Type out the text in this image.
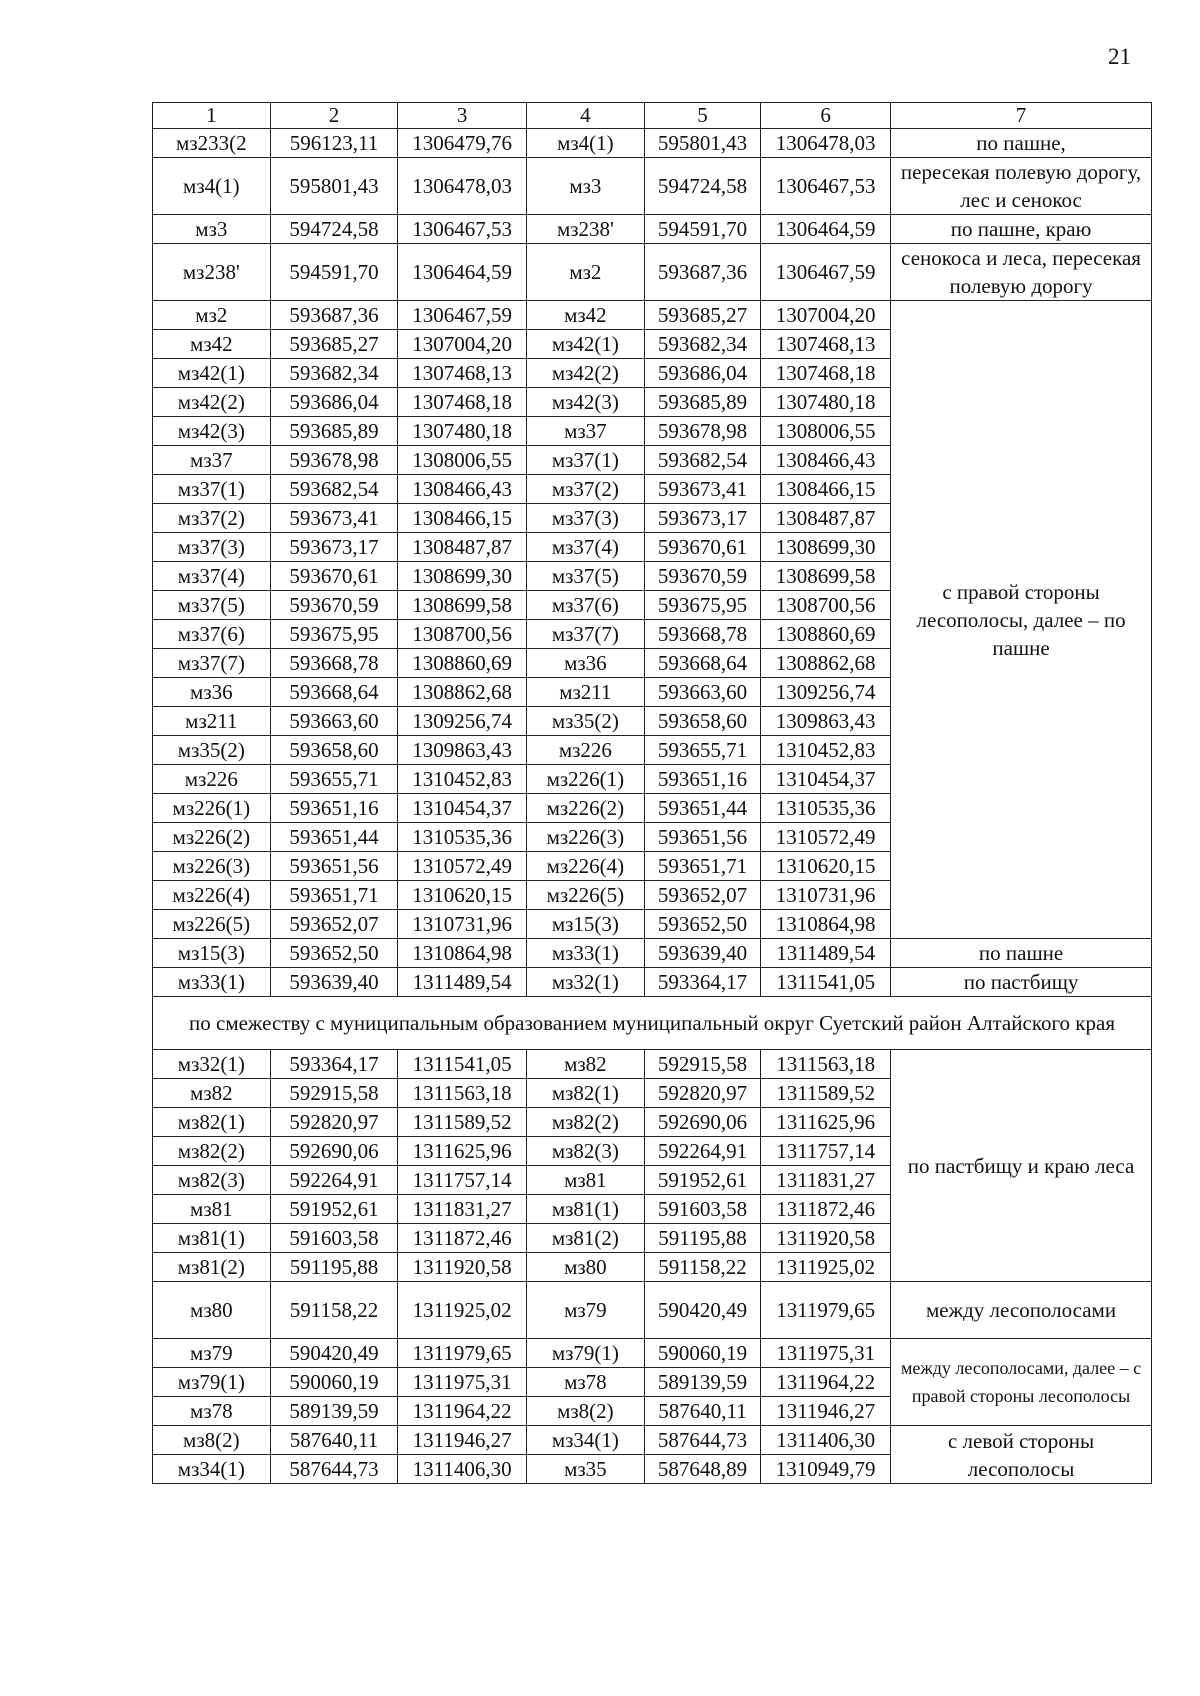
21
1	2	3	4	5	6	7
мз233(2	596123,11	1306479,76	мз4(1)	595801,43	1306478,03	по пашне,
мз4(1)	595801,43	1306478,03	мз3	594724,58	1306467,53	пересекая полевую дорогу, лес и сенокос
мз3	594724,58	1306467,53	мз238'	594591,70	1306464,59	по пашне, краю
мз238'	594591,70	1306464,59	мз2	593687,36	1306467,59	сенокоса и леса, пересекая полевую дорогу
мз2	593687,36	1306467,59	мз42	593685,27	1307004,20	с правой стороны лесополосы, далее – по пашне
мз42	593685,27	1307004,20	мз42(1)	593682,34	1307468,13	
мз42(1)	593682,34	1307468,13	мз42(2)	593686,04	1307468,18	
мз42(2)	593686,04	1307468,18	мз42(3)	593685,89	1307480,18	
мз42(3)	593685,89	1307480,18	мз37	593678,98	1308006,55	
мз37	593678,98	1308006,55	мз37(1)	593682,54	1308466,43	
мз37(1)	593682,54	1308466,43	мз37(2)	593673,41	1308466,15	
мз37(2)	593673,41	1308466,15	мз37(3)	593673,17	1308487,87	
мз37(3)	593673,17	1308487,87	мз37(4)	593670,61	1308699,30	
мз37(4)	593670,61	1308699,30	мз37(5)	593670,59	1308699,58	
мз37(5)	593670,59	1308699,58	мз37(6)	593675,95	1308700,56	
мз37(6)	593675,95	1308700,56	мз37(7)	593668,78	1308860,69	
мз37(7)	593668,78	1308860,69	мз36	593668,64	1308862,68	
мз36	593668,64	1308862,68	мз211	593663,60	1309256,74	
мз211	593663,60	1309256,74	мз35(2)	593658,60	1309863,43	
мз35(2)	593658,60	1309863,43	мз226	593655,71	1310452,83	
мз226	593655,71	1310452,83	мз226(1)	593651,16	1310454,37	
мз226(1)	593651,16	1310454,37	мз226(2)	593651,44	1310535,36	
мз226(2)	593651,44	1310535,36	мз226(3)	593651,56	1310572,49	
мз226(3)	593651,56	1310572,49	мз226(4)	593651,71	1310620,15	
мз226(4)	593651,71	1310620,15	мз226(5)	593652,07	1310731,96	
мз226(5)	593652,07	1310731,96	мз15(3)	593652,50	1310864,98	
мз15(3)	593652,50	1310864,98	мз33(1)	593639,40	1311489,54	по пашне
мз33(1)	593639,40	1311489,54	мз32(1)	593364,17	1311541,05	по пастбищу
по смежеству с муниципальным образованием муниципальный округ Суетский район Алтайского края						
мз32(1)	593364,17	1311541,05	мз82	592915,58	1311563,18	по пастбищу и краю леса
мз82	592915,58	1311563,18	мз82(1)	592820,97	1311589,52	
мз82(1)	592820,97	1311589,52	мз82(2)	592690,06	1311625,96	
мз82(2)	592690,06	1311625,96	мз82(3)	592264,91	1311757,14	
мз82(3)	592264,91	1311757,14	мз81	591952,61	1311831,27	
мз81	591952,61	1311831,27	мз81(1)	591603,58	1311872,46	
мз81(1)	591603,58	1311872,46	мз81(2)	591195,88	1311920,58	
мз81(2)	591195,88	1311920,58	мз80	591158,22	1311925,02	
мз80	591158,22	1311925,02	мз79	590420,49	1311979,65	между лесополосами
мз79	590420,49	1311979,65	мз79(1)	590060,19	1311975,31	между лесополосами, далее – с правой стороны лесополосы
мз79(1)	590060,19	1311975,31	мз78	589139,59	1311964,22	
мз78	589139,59	1311964,22	мз8(2)	587640,11	1311946,27	
мз8(2)	587640,11	1311946,27	мз34(1)	587644,73	1311406,30	с левой стороны лесополосы
мз34(1)	587644,73	1311406,30	мз35	587648,89	1310949,79	
